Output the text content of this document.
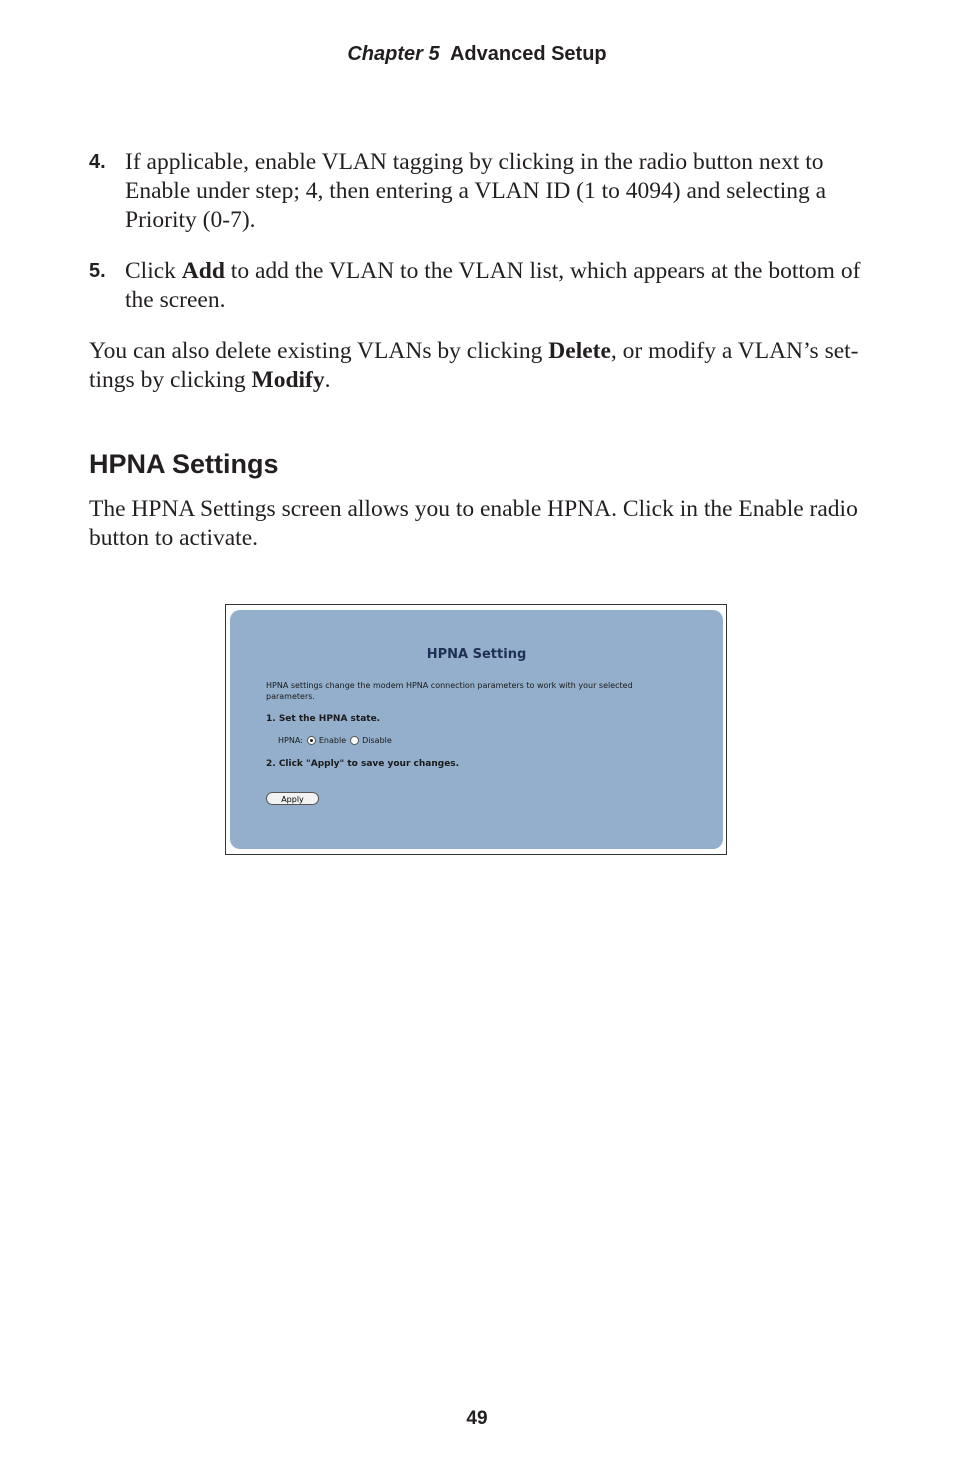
Chapter 5 Advanced Setup
4. If applicable, enable VLAN tagging by clicking in the radio button next to Enable under step; 4, then entering a VLAN ID (1 to 4094) and selecting a Priority (0-7).
5. Click Add to add the VLAN to the VLAN list, which appears at the bottom of the screen.

You can also delete existing VLANs by clicking Delete, or modify a VLAN’s set-tings by clicking Modify.

HPNA Settings

The HPNA Settings screen allows you to enable HPNA. Click in the Enable radio button to activate.

HPNA Setting
HPNA settings change the modem HPNA connection parameters to work with your selected parameters.
1. Set the HPNA state.
HPNA: Enable Disable
2. Click "Apply" to save your changes.
Apply
49
